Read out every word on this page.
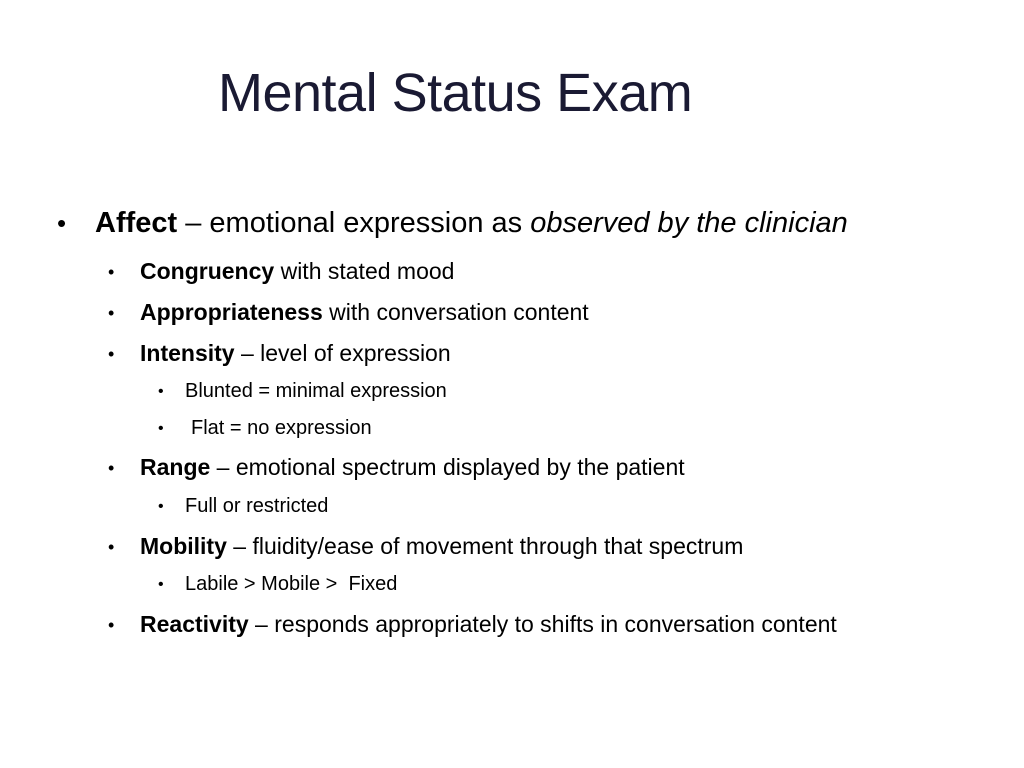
Mental Status Exam
• Affect – emotional expression as observed by the clinician
• Congruency with stated mood
• Appropriateness with conversation content
• Intensity – level of expression
• Blunted = minimal expression
• Flat = no expression
• Range – emotional spectrum displayed by the patient
• Full or restricted
• Mobility – fluidity/ease of movement through that spectrum
• Labile > Mobile >  Fixed
• Reactivity – responds appropriately to shifts in conversation content
